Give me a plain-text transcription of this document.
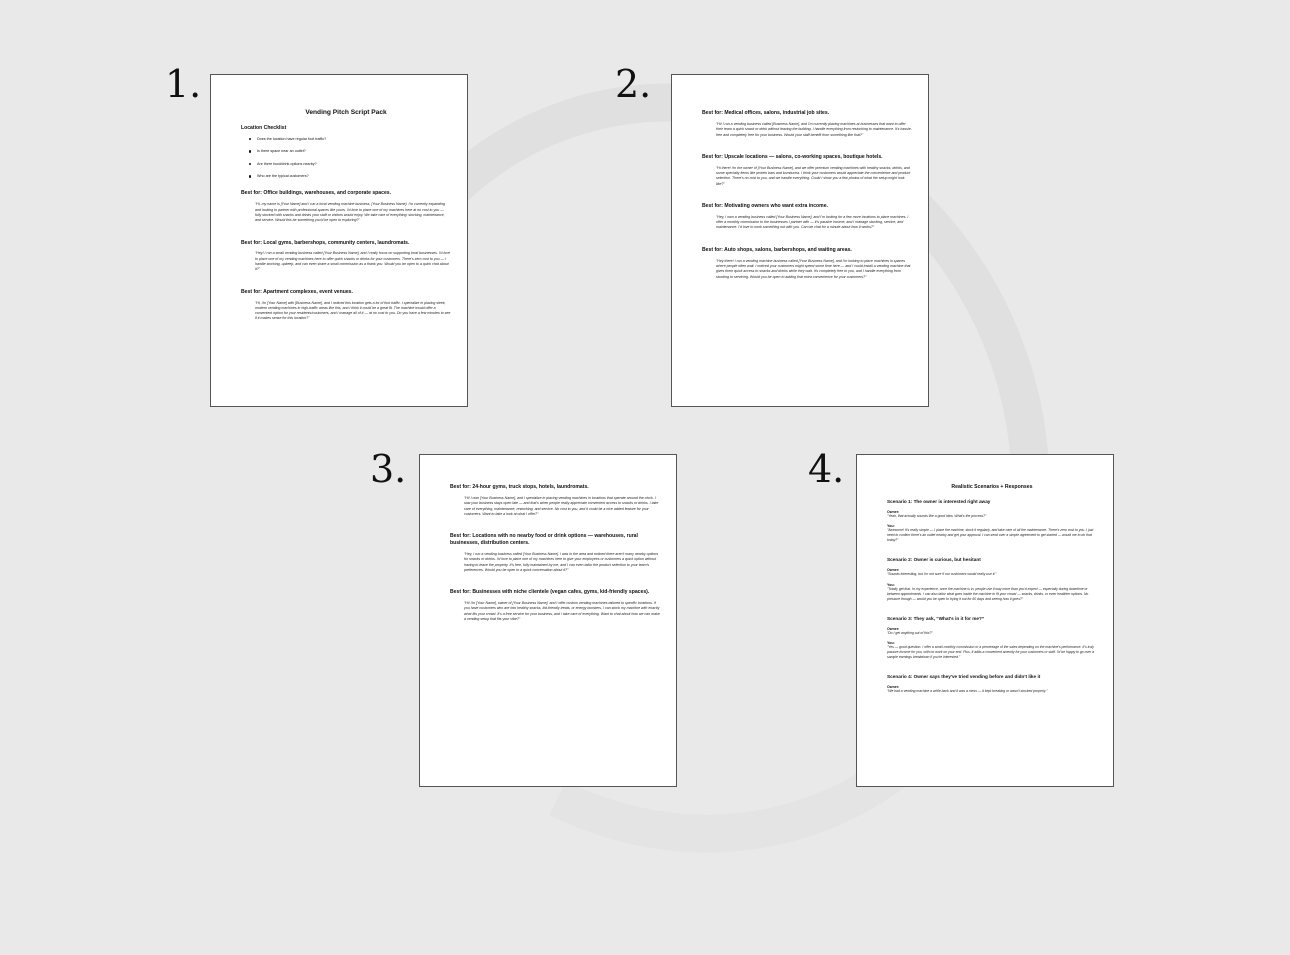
1.	2.
3.	4.
Vending Pitch Script Pack
Location Checklist
Does the location have regular foot traffic?
Is there space near an outlet?
Are there food/drink options nearby?
Who are the typical customers?
Best for: Office buildings, warehouses, and corporate spaces.
"Hi, my name is [Your Name] and I run a local vending machine business, [Your Business Name]. I'm currently expanding and looking to partner with professional spaces like yours. I'd love to place one of my machines here at no cost to you — fully stocked with snacks and drinks your staff or visitors would enjoy. We take care of everything: stocking, maintenance, and service. Would this be something you'd be open to exploring?"
Best for: Local gyms, barbershops, community centers, laundromats.
"Hey! I run a small vending business called [Your Business Name], and I really focus on supporting local businesses. I'd love to place one of my vending machines here to offer quick snacks or drinks for your customers. There's zero cost to you — I handle stocking, upkeep, and can even share a small commission as a thank you. Would you be open to a quick chat about it?"
Best for: Apartment complexes, event venues.
"Hi, I'm [Your Name] with [Business Name], and I noticed this location gets a lot of foot traffic. I specialize in placing sleek, modern vending machines in high-traffic areas like this, and I think it could be a great fit. The machine would offer a convenient option for your residents/customers, and I manage all of it — at no cost to you. Do you have a few minutes to see if it makes sense for this location?"
Best for: Medical offices, salons, industrial job sites.
"Hi! I run a vending business called [Business Name], and I'm currently placing machines at businesses that want to offer their team a quick snack or drink without leaving the building. I handle everything from restocking to maintenance. It's hassle-free and completely free for your business. Would your staff benefit from something like that?"
Best for: Upscale locations — salons, co-working spaces, boutique hotels.
"Hi there! I'm the owner of [Your Business Name], and we offer premium vending machines with healthy snacks, drinks, and some specialty items like protein bars and kombucha. I think your customers would appreciate the convenience and product selection. There's no cost to you, and we handle everything. Could I show you a few photos of what the setup might look like?"
Best for: Motivating owners who want extra income.
"Hey, I own a vending business called [Your Business Name], and I'm looking for a few more locations to place machines. I offer a monthly commission to the businesses I partner with — it's passive income, and I manage stocking, service, and maintenance. I'd love to work something out with you. Can we chat for a minute about how it works?"
Best for: Auto shops, salons, barbershops, and waiting areas.
"Hey there! I run a vending machine business called [Your Business Name], and I'm looking to place machines in spaces where people often wait. I noticed your customers might spend some time here — and I could install a vending machine that gives them quick access to snacks and drinks while they wait. It's completely free to you, and I handle everything from stocking to servicing. Would you be open to adding that extra convenience for your customers?"
Best for: 24-hour gyms, truck stops, hotels, laundromats.
"Hi! I own [Your Business Name], and I specialize in placing vending machines in locations that operate around the clock. I saw your business stays open late — and that's when people really appreciate convenient access to snacks or drinks. I take care of everything, maintenance, restocking, and service. No cost to you, and it could be a nice added feature for your customers. Want to take a look at what I offer?"
Best for: Locations with no nearby food or drink options — warehouses, rural businesses, distribution centers.
"Hey, I run a vending business called [Your Business Name]. I was in the area and noticed there aren't many nearby options for snacks or drinks. I'd love to place one of my machines here to give your employees or customers a quick option without having to leave the property. It's free, fully maintained by me, and I can even tailor the product selection to your team's preferences. Would you be open to a quick conversation about it?"
Best for: Businesses with niche clientele (vegan cafes, gyms, kid-friendly spaces).
"Hi! I'm [Your Name], owner of [Your Business Name], and I offer custom vending machines tailored to specific locations. If you have customers who are into healthy snacks, kid-friendly treats, or energy boosters, I can stock my machine with exactly what fits your crowd. It's a free service for your business, and I take care of everything. Want to chat about how we can make a vending setup that fits your vibe?"
Realistic Scenarios + Responses
Scenario 1: The owner is interested right away
Owner:
"Yeah, that actually sounds like a good idea. What's the process?"
You:
"Awesome! It's really simple — I place the machine, stock it regularly, and take care of all the maintenance. There's zero cost to you. I just need to confirm there's an outlet nearby and get your approval. I can send over a simple agreement to get started — would me to do that today?"
Scenario 2: Owner is curious, but hesitant
Owner:
"Sounds interesting, but I'm not sure if our customers would really use it."
You:
"Totally get that. In my experience, once the machine is in, people use it way more than you'd expect — especially during downtime or between appointments. I can also tailor what goes inside the machine to fit your crowd — snacks, drinks, or even healthier options. No pressure though — would you be open to trying it out for 60 days and seeing how it goes?"
Scenario 3: They ask, “What's in it for me?”
Owner:
"Do I get anything out of this?"
You:
"Yes — good question. I offer a small monthly commission or a percentage of the sales depending on the machine's performance. It's truly passive income for you, with no work on your end. Plus, it adds a convenient amenity for your customers or staff. I'd be happy to go over a sample earnings breakdown if you're interested."
Scenario 4: Owner says they've tried vending before and didn't like it
Owner:
"We had a vending machine a while back and it was a mess — it kept breaking or wasn't stocked properly."
